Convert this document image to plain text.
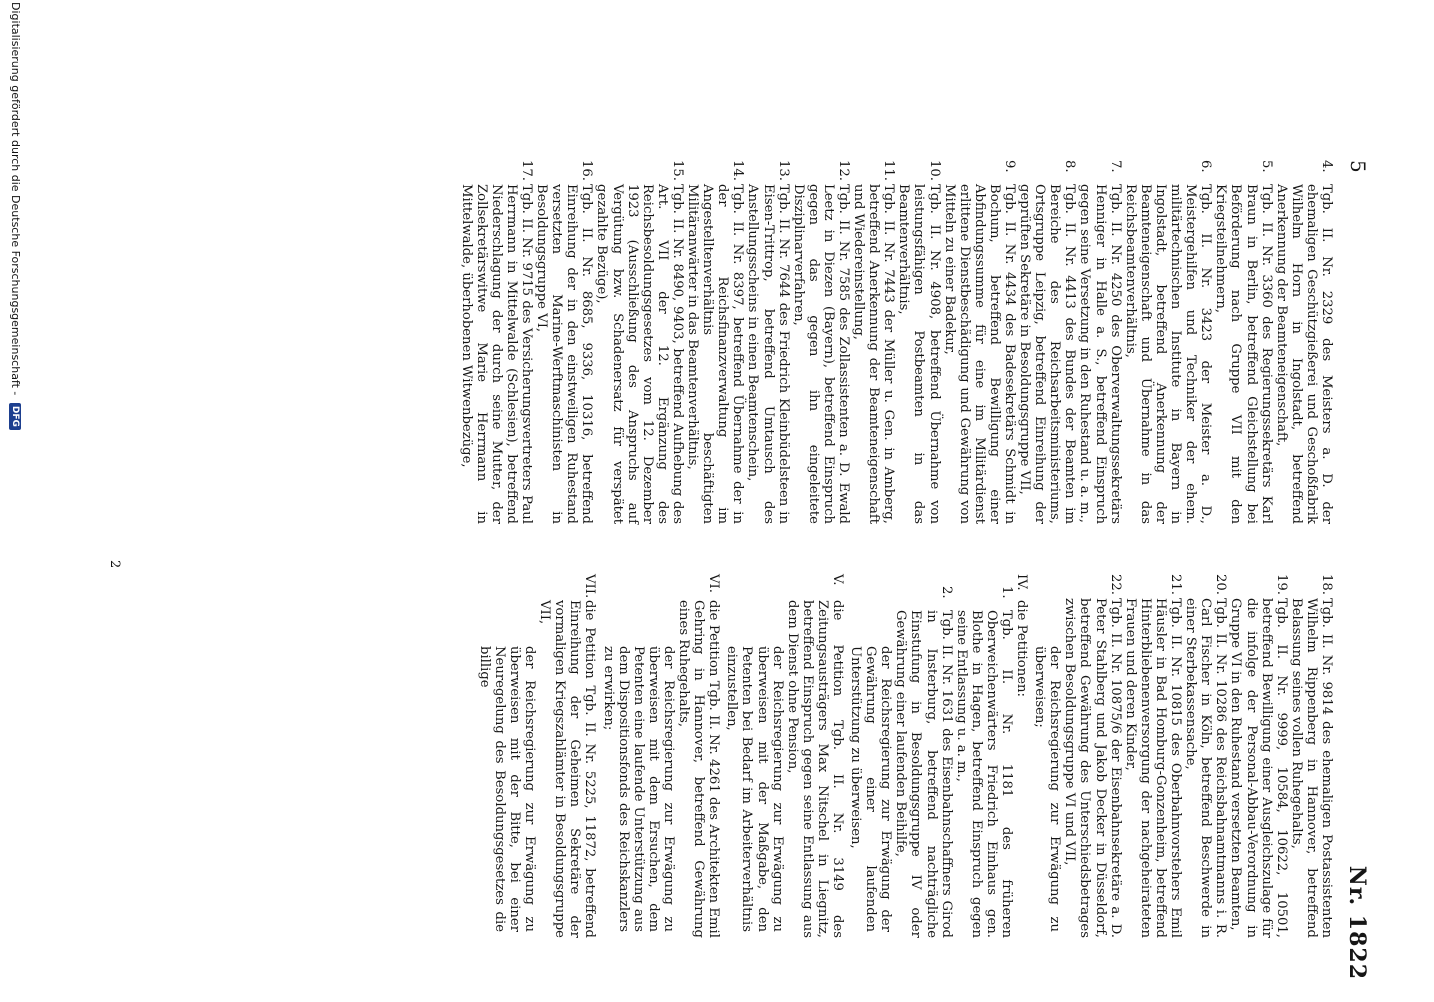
5
Nr. 1822
4.
Tgb. II. Nr. 2329 des Meisters a. D. der ehemaligen Geschützgießerei und Geschoßfabrik Wilhelm Horn in Ingolstadt, betreffend Anerkennung der Beamteneigenschaft,
5.
Tgb. II. Nr. 3360 des Regierungssekretärs Karl Braun in Berlin, betreffend Gleichstellung bei Beförderung nach Gruppe VII mit den Kriegsteilnehmern,
6.
Tgb. II. Nr. 3423 der Meister a. D., Meistergehilfen und Techniker der ehem. militärtechnischen Institute in Bayern in Ingolstadt, betreffend Anerkennung der Beamteneigenschaft und Übernahme in das Reichsbeamtenverhältnis,
7.
Tgb. II. Nr. 4250 des Oberverwaltungssekretärs Henniger in Halle a. S., betreffend Einspruch gegen seine Versetzung in den Ruhestand u. a. m.,
8.
Tgb. II. Nr. 4413 des Bundes der Beamten im Bereiche des Reichsarbeitsministeriums, Ortsgruppe Leipzig, betreffend Einreihung der geprüften Sekretäre in Besoldungsgruppe VII,
9.
Tgb. II. Nr. 4434 des Badesekretärs Schmidt in Bochum, betreffend Bewilligung einer Abfindungssumme für eine im Militärdienst erlittene Dienstbeschädigung und Gewährung von Mitteln zu einer Badekur,
10.
Tgb. II. Nr. 4908, betreffend Übernahme von leistungsfähigen Postbeamten in das Beamtenverhältnis,
11.
Tgb. II. Nr. 7443 der Müller u. Gen. in Amberg, betreffend Anerkennung der Beamteneigenschaft und Wiedereinstellung,
12.
Tgb. II. Nr. 7585 des Zollassistenten a. D. Ewald Leetz in Diezen (Bayern), betreffend Einspruch gegen das gegen ihn eingeleitete Disziplinarverfahren,
13.
Tgb. II. Nr. 7644 des Friedrich Kleinbüdelsteen in Eisen-Trittrop, betreffend Umtausch des Anstellungsscheins in einen Beamtenschein,
14.
Tgb. II. Nr. 8397, betreffend Übernahme der in der Reichsfinanzverwaltung im Angestelltenverhältnis beschäftigten Militäranwärter in das Beamtenverhältnis,
15.
Tgb. II. Nr. 8490, 9403, betreffend Aufhebung des Art. VII der 12. Ergänzung des Reichsbesoldungsgesetzes vom 12. Dezember 1923 (Ausschließung des Anspruchs auf Vergütung bzw. Schadenersatz für verspätet gezahlte Bezüge),
16.
Tgb. II. Nr. 8685, 9336, 10316, betreffend Einreihung der in den einstweiligen Ruhestand versetzten Marine-Werftmaschinisten in Besoldungsgruppe VI,
17.
Tgb. II. Nr. 9715 des Versicherungsvertreters Paul Herrmann in Mittelwalde (Schlesien), betreffend Niederschlagung der durch seine Mutter, der Zollsekretärswitwe Marie Herrmann in Mittelwalde, überhobenen Witwenbezüge,
18.
Tgb. II. Nr. 9814 des ehemaligen Postassistenten Wilhelm Rippenberg in Hannover, betreffend Belassung seines vollen Ruhegehalts,
19.
Tgb. II. Nr. 9999, 10584, 10622, 10501, betreffend Bewilligung einer Ausgleichszulage für die infolge der Personal-Abbau-Verordnung in Gruppe VI in den Ruhestand versetzten Beamten,
20.
Tgb. II. Nr. 10286 des Reichsbahnamtmanns i. R. Carl Fischer in Köln, betreffend Beschwerde in einer Sterbekassensache,
21.
Tgb. II. Nr. 10815 des Oberbahnvorstehers Emil Häusler in Bad Homburg-Gonzenheim, betreffend Hinterbliebenenversorgung der nachgeheirateten Frauen und deren Kinder,
22.
Tgb. II. Nr. 10875/6 der Eisenbahnsekretäre a. D. Peter Stahlberg und Jakob Decker in Düsseldorf, betreffend Gewährung des Unterschiedsbetrages zwischen Besoldungsgruppe VI und VII,
der Reichsregierung zur Erwägung zu überweisen;
IV.
die Petitionen:
1.
Tgb. II. Nr. 1181 des früheren Oberweichenwärters Friedrich Einhaus gen. Blothe in Hagen, betreffend Einspruch gegen seine Entlassung u. a. m.,
2.
Tgb. II. Nr. 1631 des Eisenbahnschaffners Girod in Insterburg, betreffend nachträgliche Einstufung in Besoldungsgruppe IV oder Gewährung einer laufenden Beihilfe,
der Reichsregierung zur Erwägung der Gewährung einer laufenden Unterstützung zu überweisen,
V.
die Petition Tgb. II. Nr. 3149 des Zeitungsausträgers Max Nitschel in Liegnitz, betreffend Einspruch gegen seine Entlassung aus dem Dienst ohne Pension,
der Reichsregierung zur Erwägung zu überweisen mit der Maßgabe, den Petenten bei Bedarf im Arbeiterverhältnis einzustellen,
VI.
die Petition Tgb. II. Nr. 4261 des Architekten Emil Gehring in Hannover, betreffend Gewährung eines Ruhegehalts,
der Reichsregierung zur Erwägung zu überweisen mit dem Ersuchen, dem Petenten eine laufende Unterstützung aus dem Dispositionsfonds des Reichskanzlers zu erwirken;
VII.
die Petition Tgb. II. Nr. 5225, 11872, betreffend Einreihung der Geheimen Sekretäre der vormaligen Kriegszahlämter in Besoldungsgruppe VII,
der Reichsregierung zur Erwägung zu überweisen mit der Bitte, bei einer Neuregelung des Besoldungsgesetzes die billige
2
Digitalisierung gefördert durch die Deutsche Forschungsgemeinschaft - DFG
